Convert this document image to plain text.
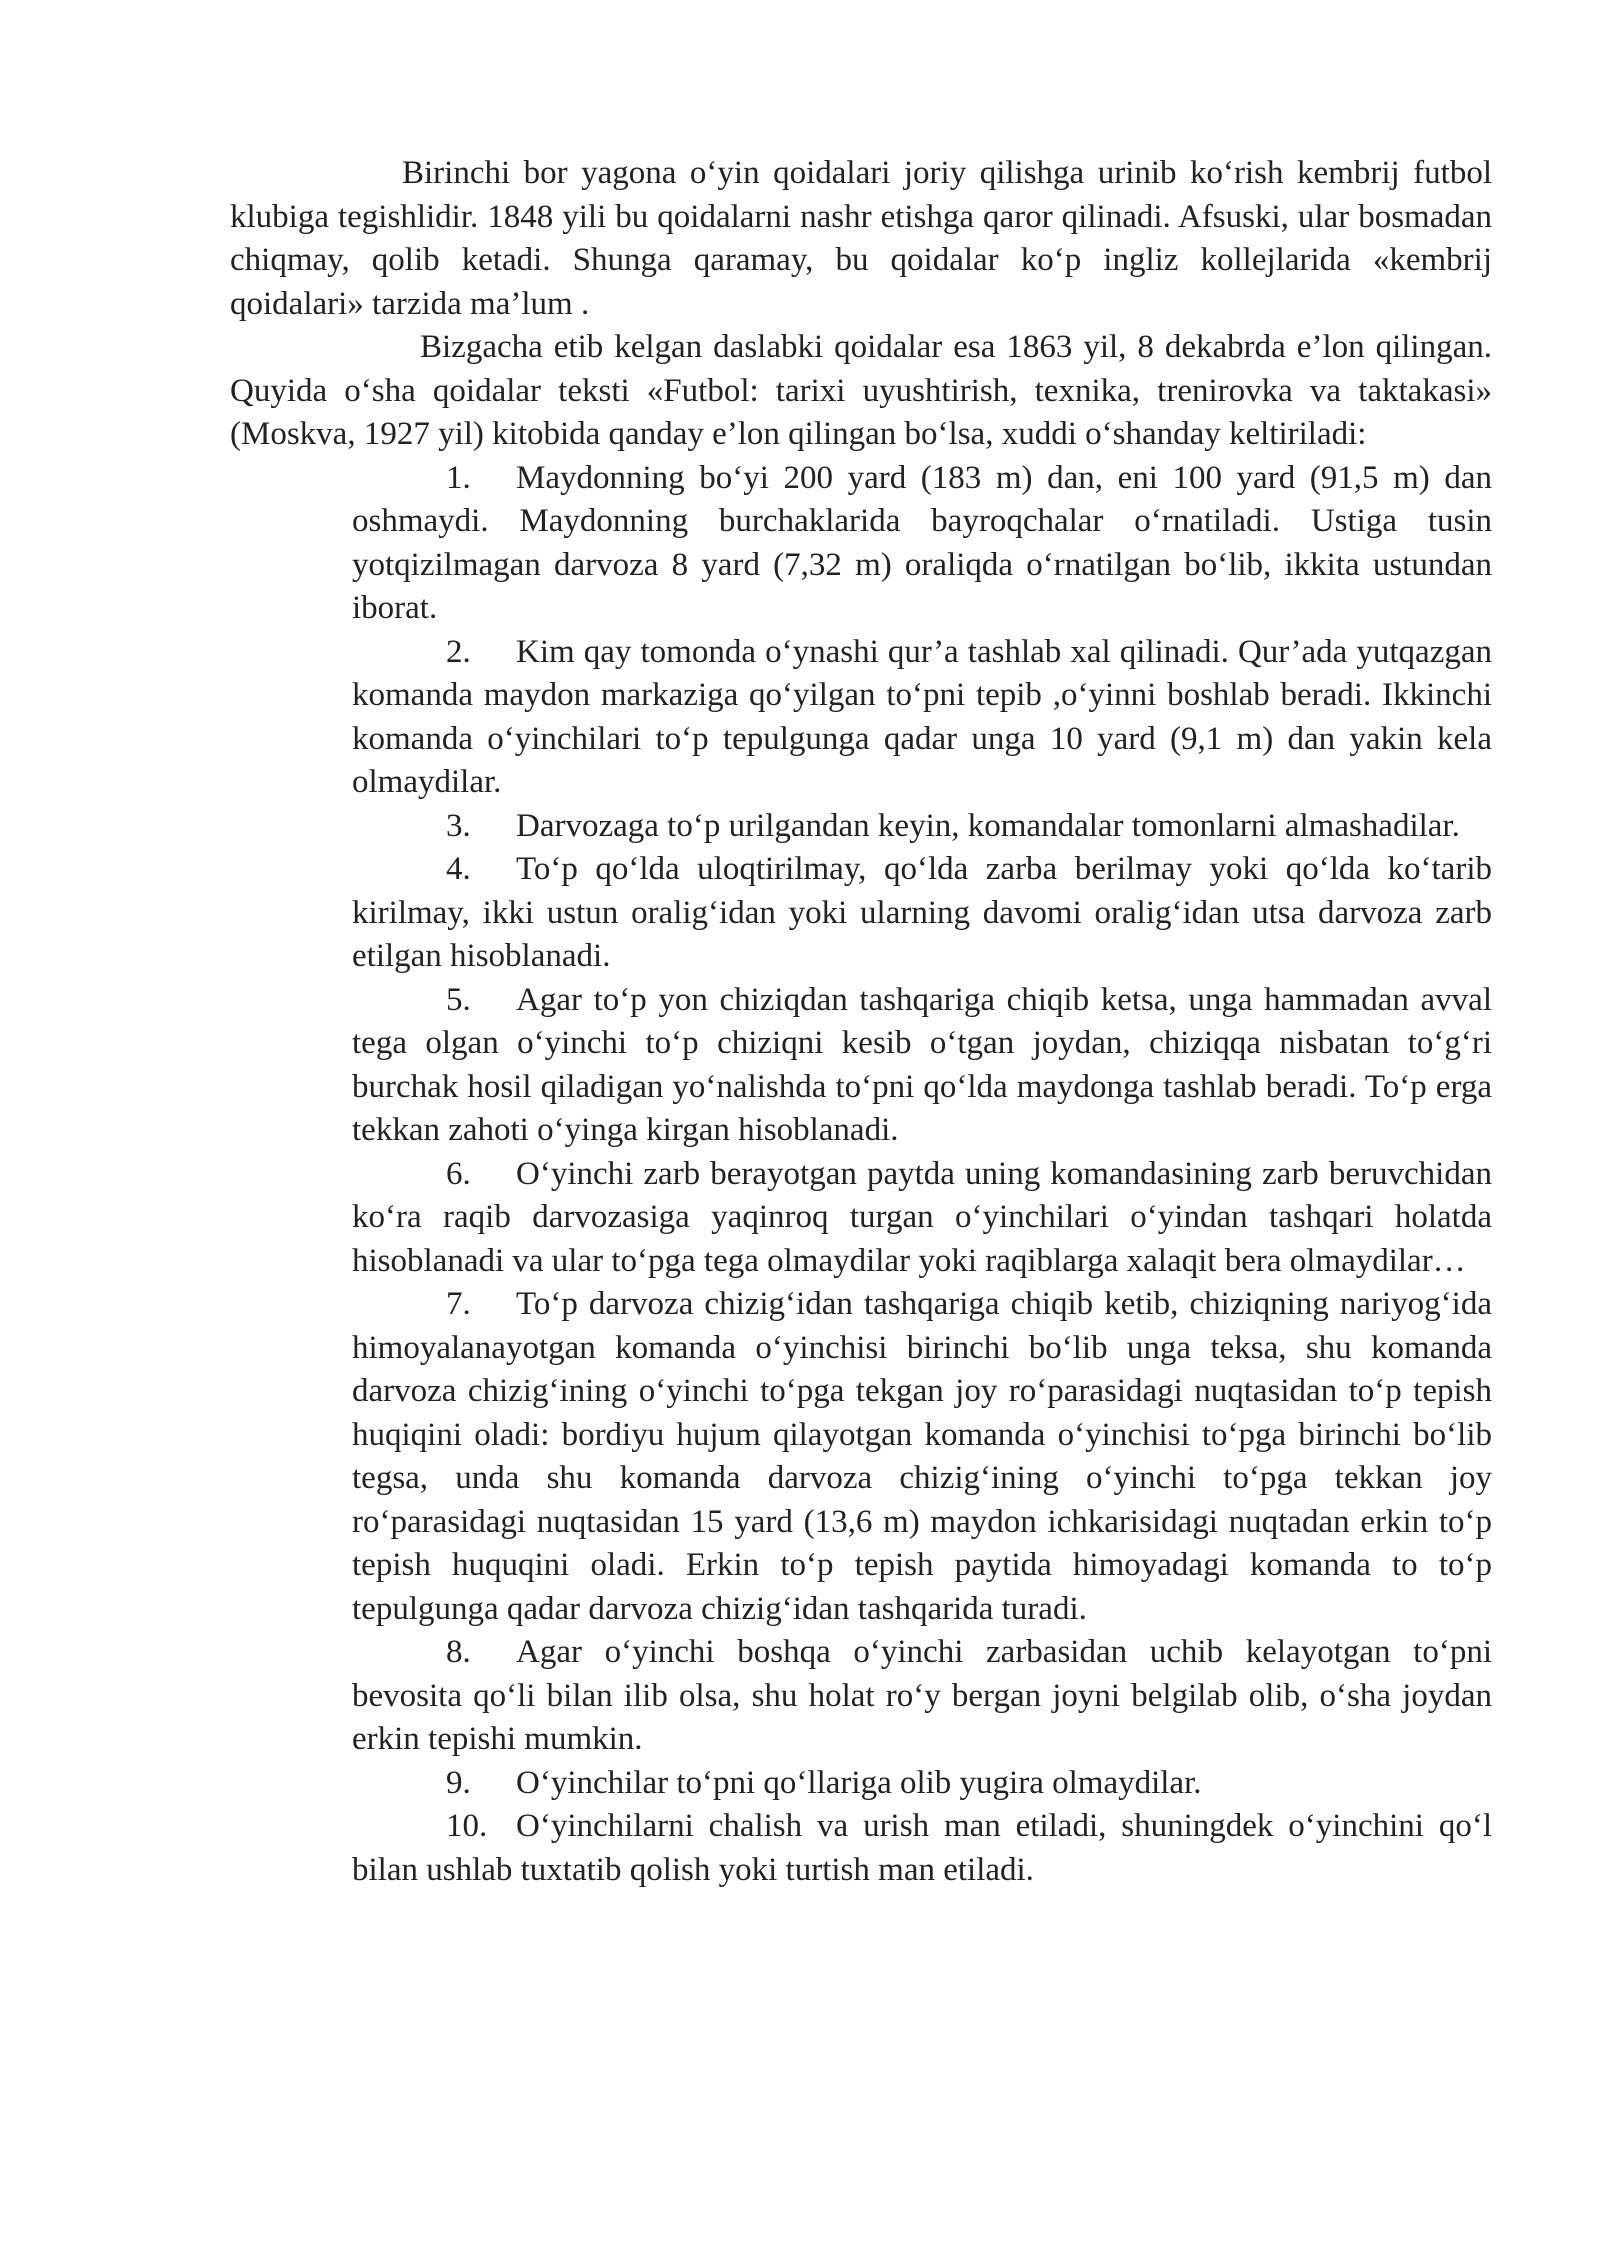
Birinchi bor yagona o‘yin qoidalari joriy qilishga urinib ko‘rish kembrij futbol klubiga tegishlidir. 1848 yili bu qoidalarni nashr etishga qaror qilinadi. Afsuski, ular bosmadan chiqmay, qolib ketadi. Shunga qaramay, bu qoidalar ko‘p ingliz kollejlarida «kembrij qoidalari» tarzida ma’lum .

Bizgacha etib kelgan daslabki qoidalar esa 1863 yil, 8 dekabrda e’lon qilingan. Quyida o‘sha qoidalar teksti «Futbol: tarixi uyushtirish, texnika, trenirovka va taktakasi» (Moskva, 1927 yil) kitobida qanday e’lon qilingan bo‘lsa, xuddi o‘shanday keltiriladi:

1. Maydonning bo‘yi 200 yard (183 m) dan, eni 100 yard (91,5 m) dan oshmaydi. Maydonning burchaklarida bayroqchalar o‘rnatiladi. Ustiga tusin yotqizilmagan darvoza 8 yard (7,32 m) oraliqda o‘rnatilgan bo‘lib, ikkita ustundan iborat.
2. Kim qay tomonda o‘ynashi qur’a tashlab xal qilinadi. Qur’ada yutqazgan komanda maydon markaziga qo‘yilgan to‘pni tepib ,o‘yinni boshlab beradi. Ikkinchi komanda o‘yinchilari to‘p tepulgunga qadar unga 10 yard (9,1 m) dan yakin kela olmaydilar.
3. Darvozaga to‘p urilgandan keyin, komandalar tomonlarni almashadilar.
4. To‘p qo‘lda uloqtirilmay, qo‘lda zarba berilmay yoki qo‘lda ko‘tarib kirilmay, ikki ustun oralig‘idan yoki ularning davomi oralig‘idan utsa darvoza zarb etilgan hisoblanadi.
5. Agar to‘p yon chiziqdan tashqariga chiqib ketsa, unga hammadan avval tega olgan o‘yinchi to‘p chiziqni kesib o‘tgan joydan, chiziqqa nisbatan to‘g‘ri burchak hosil qiladigan yo‘nalishda to‘pni qo‘lda maydonga tashlab beradi. To‘p erga tekkan zahoti o‘yinga kirgan hisoblanadi.
6. O‘yinchi zarb berayotgan paytda uning komandasining zarb beruvchidan ko‘ra raqib darvozasiga yaqinroq turgan o‘yinchilari o‘yindan tashqari holatda hisoblanadi va ular to‘pga tega olmaydilar yoki raqiblarga xalaqit bera olmaydilar…
7. To‘p darvoza chizig‘idan tashqariga chiqib ketib, chiziqning nariyog‘ida himoyalanayotgan komanda o‘yinchisi birinchi bo‘lib unga teksa, shu komanda darvoza chizig‘ining o‘yinchi to‘pga tekgan joy ro‘parasidagi nuqtasidan to‘p tepish huqiqini oladi: bordiyu hujum qilayotgan komanda o‘yinchisi to‘pga birinchi bo‘lib tegsa, unda shu komanda darvoza chizig‘ining o‘yinchi to‘pga tekkan joy ro‘parasidagi nuqtasidan 15 yard (13,6 m) maydon ichkarisidagi nuqtadan erkin to‘p tepish huquqini oladi. Erkin to‘p tepish paytida himoyadagi komanda to to‘p tepulgunga qadar darvoza chizig‘idan tashqarida turadi.
8. Agar o‘yinchi boshqa o‘yinchi zarbasidan uchib kelayotgan to‘pni bevosita qo‘li bilan ilib olsa, shu holat ro‘y bergan joyni belgilab olib, o‘sha joydan erkin tepishi mumkin.
9. O‘yinchilar to‘pni qo‘llariga olib yugira olmaydilar.
10. O‘yinchilarni chalish va urish man etiladi, shuningdek o‘yinchini qo‘l bilan ushlab tuxtatib qolish yoki turtish man etiladi.
